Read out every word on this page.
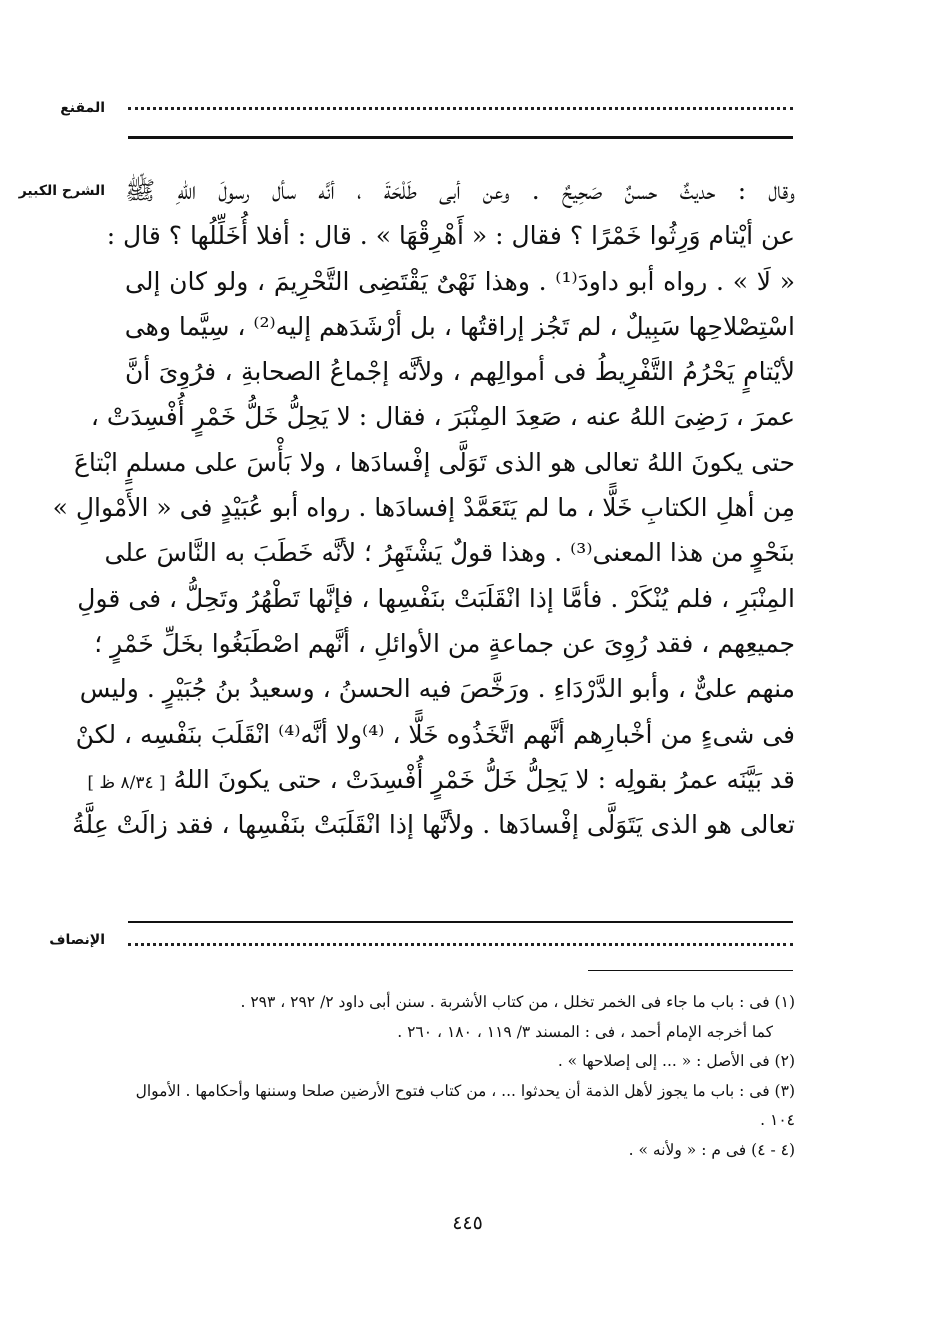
المقنع
الشرح الكبير وقال : حديثٌ حسنٌ صَحِيحٌ . وعن أبى طَلْحَةَ ، أنَّه سأل رسولَ اللهِ ﷺ
عن أيْتام وَرِثُوا خَمْرًا ؟ فقال : « أَهْرِقْهَا » . قال : أفلا أُخَلِّلُها ؟ قال :
« لَا » . رواه أبو داودَ⁽¹⁾ . وهذا نَهْىٌ يَقْتَضِى التَّحْرِيمَ ، ولو كان إلى
اسْتِصْلاحِها سَبِيلٌ ، لم تَجُز إراقتُها ، بل أرْشَدَهم إليه⁽²⁾ ، سِيَّما وهى
لأيْتامٍ يَحْرُمُ التَّفْرِيطُ فى أموالِهم ، ولأنَّه إجْماعُ الصحابةِ ، فرُوِىَ أنَّ
عمرَ ، رَضِىَ اللهُ عنه ، صَعِدَ المِنْبَرَ ، فقال : لا يَحِلُّ خَلُّ خَمْرٍ أُفْسِدَتْ ،
حتى يكونَ اللهُ تعالى هو الذى تَوَلَّى إفْسادَها ، ولا بَأْسَ على مسلمٍ ابْتاعَ
مِن أهلِ الكتابِ خَلًّا ، ما لم يَتَعَمَّدْ إفسادَها . رواه أبو عُبَيْدٍ فى « الأَمْوالِ »
بنَحْوٍ من هذا المعنى⁽³⁾ . وهذا قولٌ يَشْتَهِرُ ؛ لأنَّه خَطَبَ به النَّاسَ على
المِنْبَرِ ، فلم يُنْكَرْ . فأمَّا إذا انْقَلَبَتْ بنَفْسِها ، فإنَّها تَطْهُرُ وتَحِلُّ ، فى قولِ
جميعِهم ، فقد رُوِىَ عن جماعةٍ من الأوائلِ ، أنَّهم اصْطَبَغُوا بخَلِّ خَمْرٍ ؛
منهم علىٌّ ، وأبو الدَّرْدَاءِ . ورَخَّصَ فيه الحسنُ ، وسعيدُ بنُ جُبَيْرٍ . وليس
فى شىءٍ من أخْبارِهم أنَّهم اتَّخَذُوه خَلًّا ، ⁽⁴⁾ولا أنَّه⁽⁴⁾ انْقَلَبَ بنَفْسِه ، لكنْ
قد بَيَّنَه عمرُ بقولِه : لا يَحِلُّ خَلُّ خَمْرٍ أُفْسِدَتْ ، حتى يكونَ اللهُ [ ٨/٣٤ ظ ]
تعالى هو الذى يَتَوَلَّى إفْسادَها . ولأنَّها إذا انْقَلَبَتْ بنَفْسِها ، فقد زالَتْ عِلَّةُ
الإنصاف
(١) فى : باب ما جاء فى الخمر تخلل ، من كتاب الأشربة . سنن أبى داود ٢/ ٢٩٢ ، ٢٩٣ .
كما أخرجه الإمام أحمد ، فى : المسند ٣/ ١١٩ ، ١٨٠ ، ٢٦٠ .
(٢) فى الأصل : « ... إلى إصلاحها » .
(٣) فى : باب ما يجوز لأهل الذمة أن يحدثوا ... ، من كتاب فتوح الأرضين صلحا وسننها وأحكامها . الأموال
١٠٤ .
(٤ - ٤) فى م : « ولأنه » .
٤٤٥
